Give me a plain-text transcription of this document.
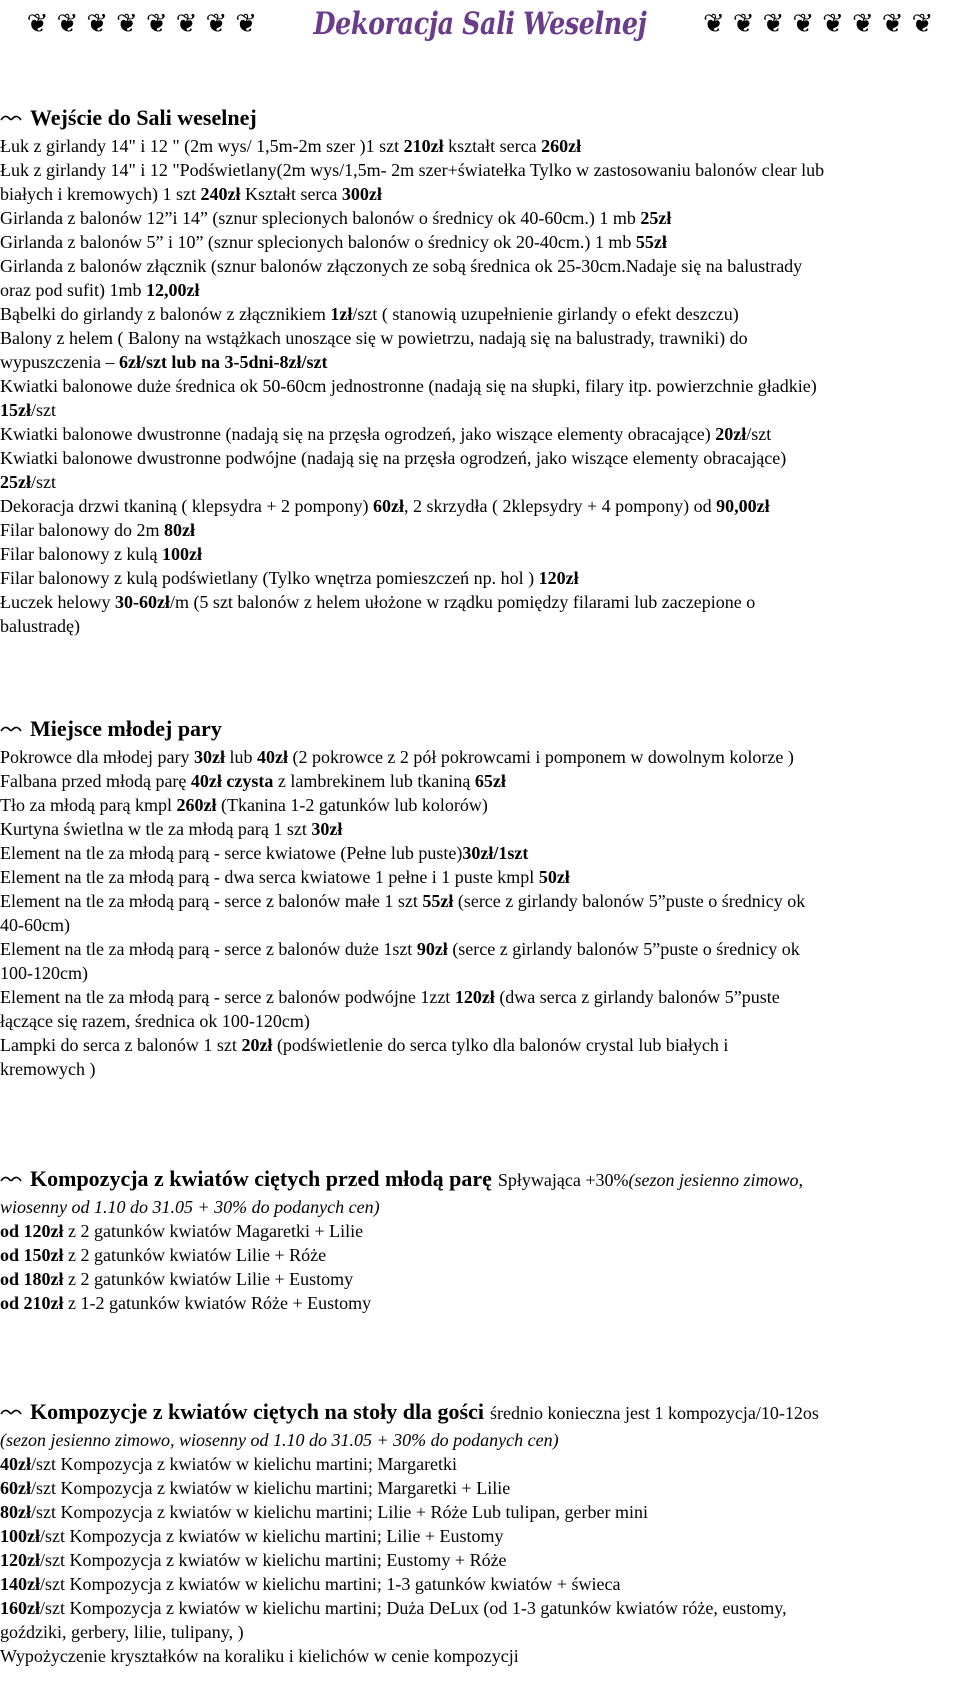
❦ ❦ ❦ ❦ ❦ ❦ ❦ ❦ Dekoracja Sali Weselnej ❦ ❦ ❦ ❦ ❦ ❦ ❦ ❦
Wejście do Sali weselnej

Łuk z girlandy 14" i 12 " (2m wys/ 1,5m-2m szer )1 szt 210zł kształt serca 260zł

Łuk z girlandy 14" i 12 "Podświetlany(2m wys/1,5m- 2m szer+światełka Tylko w zastosowaniu balonów clear lub

białych i kremowych) 1 szt 240zł Kształt serca 300zł

Girlanda z balonów 12”i 14” (sznur splecionych balonów o średnicy ok 40-60cm.) 1 mb 25zł

Girlanda z balonów 5” i 10” (sznur splecionych balonów o średnicy ok 20-40cm.) 1 mb 55zł

Girlanda z balonów złącznik (sznur balonów złączonych ze sobą średnica ok 25-30cm.Nadaje się na balustrady

oraz pod sufit) 1mb 12,00zł

Bąbelki do girlandy z balonów z złącznikiem 1zł/szt ( stanowią uzupełnienie girlandy o efekt deszczu)

Balony z helem ( Balony na wstążkach unoszące się w powietrzu, nadają się na balustrady, trawniki) do

wypuszczenia – 6zł/szt lub na 3-5dni-8zł/szt

Kwiatki balonowe duże średnica ok 50-60cm jednostronne (nadają się na słupki, filary itp. powierzchnie gładkie)

15zł/szt

Kwiatki balonowe dwustronne (nadają się na przęsła ogrodzeń, jako wiszące elementy obracające) 20zł/szt

Kwiatki balonowe dwustronne podwójne (nadają się na przęsła ogrodzeń, jako wiszące elementy obracające)

25zł/szt

Dekoracja drzwi tkaniną ( klepsydra + 2 pompony) 60zł, 2 skrzydła ( 2klepsydry + 4 pompony) od 90,00zł

Filar balonowy do 2m 80zł

Filar balonowy z kulą 100zł

Filar balonowy z kulą podświetlany (Tylko wnętrza pomieszczeń np. hol ) 120zł

Łuczek helowy 30-60zł/m (5 szt balonów z helem ułożone w rządku pomiędzy filarami lub zaczepione o

balustradę)

Miejsce młodej pary

Pokrowce dla młodej pary 30zł lub 40zł (2 pokrowce z 2 pół pokrowcami i pomponem w dowolnym kolorze )

Falbana przed młodą parę 40zł czysta z lambrekinem lub tkaniną 65zł

Tło za młodą parą kmpl 260zł (Tkanina 1-2 gatunków lub kolorów)

Kurtyna świetlna w tle za młodą parą 1 szt 30zł

Element na tle za młodą parą - serce kwiatowe (Pełne lub puste)30zł/1szt

Element na tle za młodą parą - dwa serca kwiatowe 1 pełne i 1 puste kmpl 50zł

Element na tle za młodą parą - serce z balonów małe 1 szt 55zł (serce z girlandy balonów 5”puste o średnicy ok

40-60cm)

Element na tle za młodą parą - serce z balonów duże 1szt 90zł (serce z girlandy balonów 5”puste o średnicy ok

100-120cm)

Element na tle za młodą parą - serce z balonów podwójne 1zzt 120zł (dwa serca z girlandy balonów 5”puste

łączące się razem, średnica ok 100-120cm)

Lampki do serca z balonów 1 szt 20zł (podświetlenie do serca tylko dla balonów crystal lub białych i

kremowych )

Kompozycja z kwiatów ciętych przed młodą parę Spływająca +30%(sezon jesienno zimowo,

wiosenny od 1.10 do 31.05 + 30% do podanych cen)

od 120zł z 2 gatunków kwiatów Magaretki + Lilie

od 150zł z 2 gatunków kwiatów Lilie + Róże

od 180zł z 2 gatunków kwiatów Lilie + Eustomy

od 210zł z 1-2 gatunków kwiatów Róże + Eustomy

Kompozycje z kwiatów ciętych na stoły dla gości średnio konieczna jest 1 kompozycja/10-12os

(sezon jesienno zimowo, wiosenny od 1.10 do 31.05 + 30% do podanych cen)

40zł/szt Kompozycja z kwiatów w kielichu martini; Margaretki

60zł/szt Kompozycja z kwiatów w kielichu martini; Margaretki + Lilie

80zł/szt Kompozycja z kwiatów w kielichu martini; Lilie + Róże Lub tulipan, gerber mini

100zł/szt Kompozycja z kwiatów w kielichu martini; Lilie + Eustomy

120zł/szt Kompozycja z kwiatów w kielichu martini; Eustomy + Róże

140zł/szt Kompozycja z kwiatów w kielichu martini; 1-3 gatunków kwiatów + świeca

160zł/szt Kompozycja z kwiatów w kielichu martini; Duża DeLux (od 1-3 gatunków kwiatów róże, eustomy,

goździki, gerbery, lilie, tulipany, )

Wypożyczenie kryształków na koraliku i kielichów w cenie kompozycji
